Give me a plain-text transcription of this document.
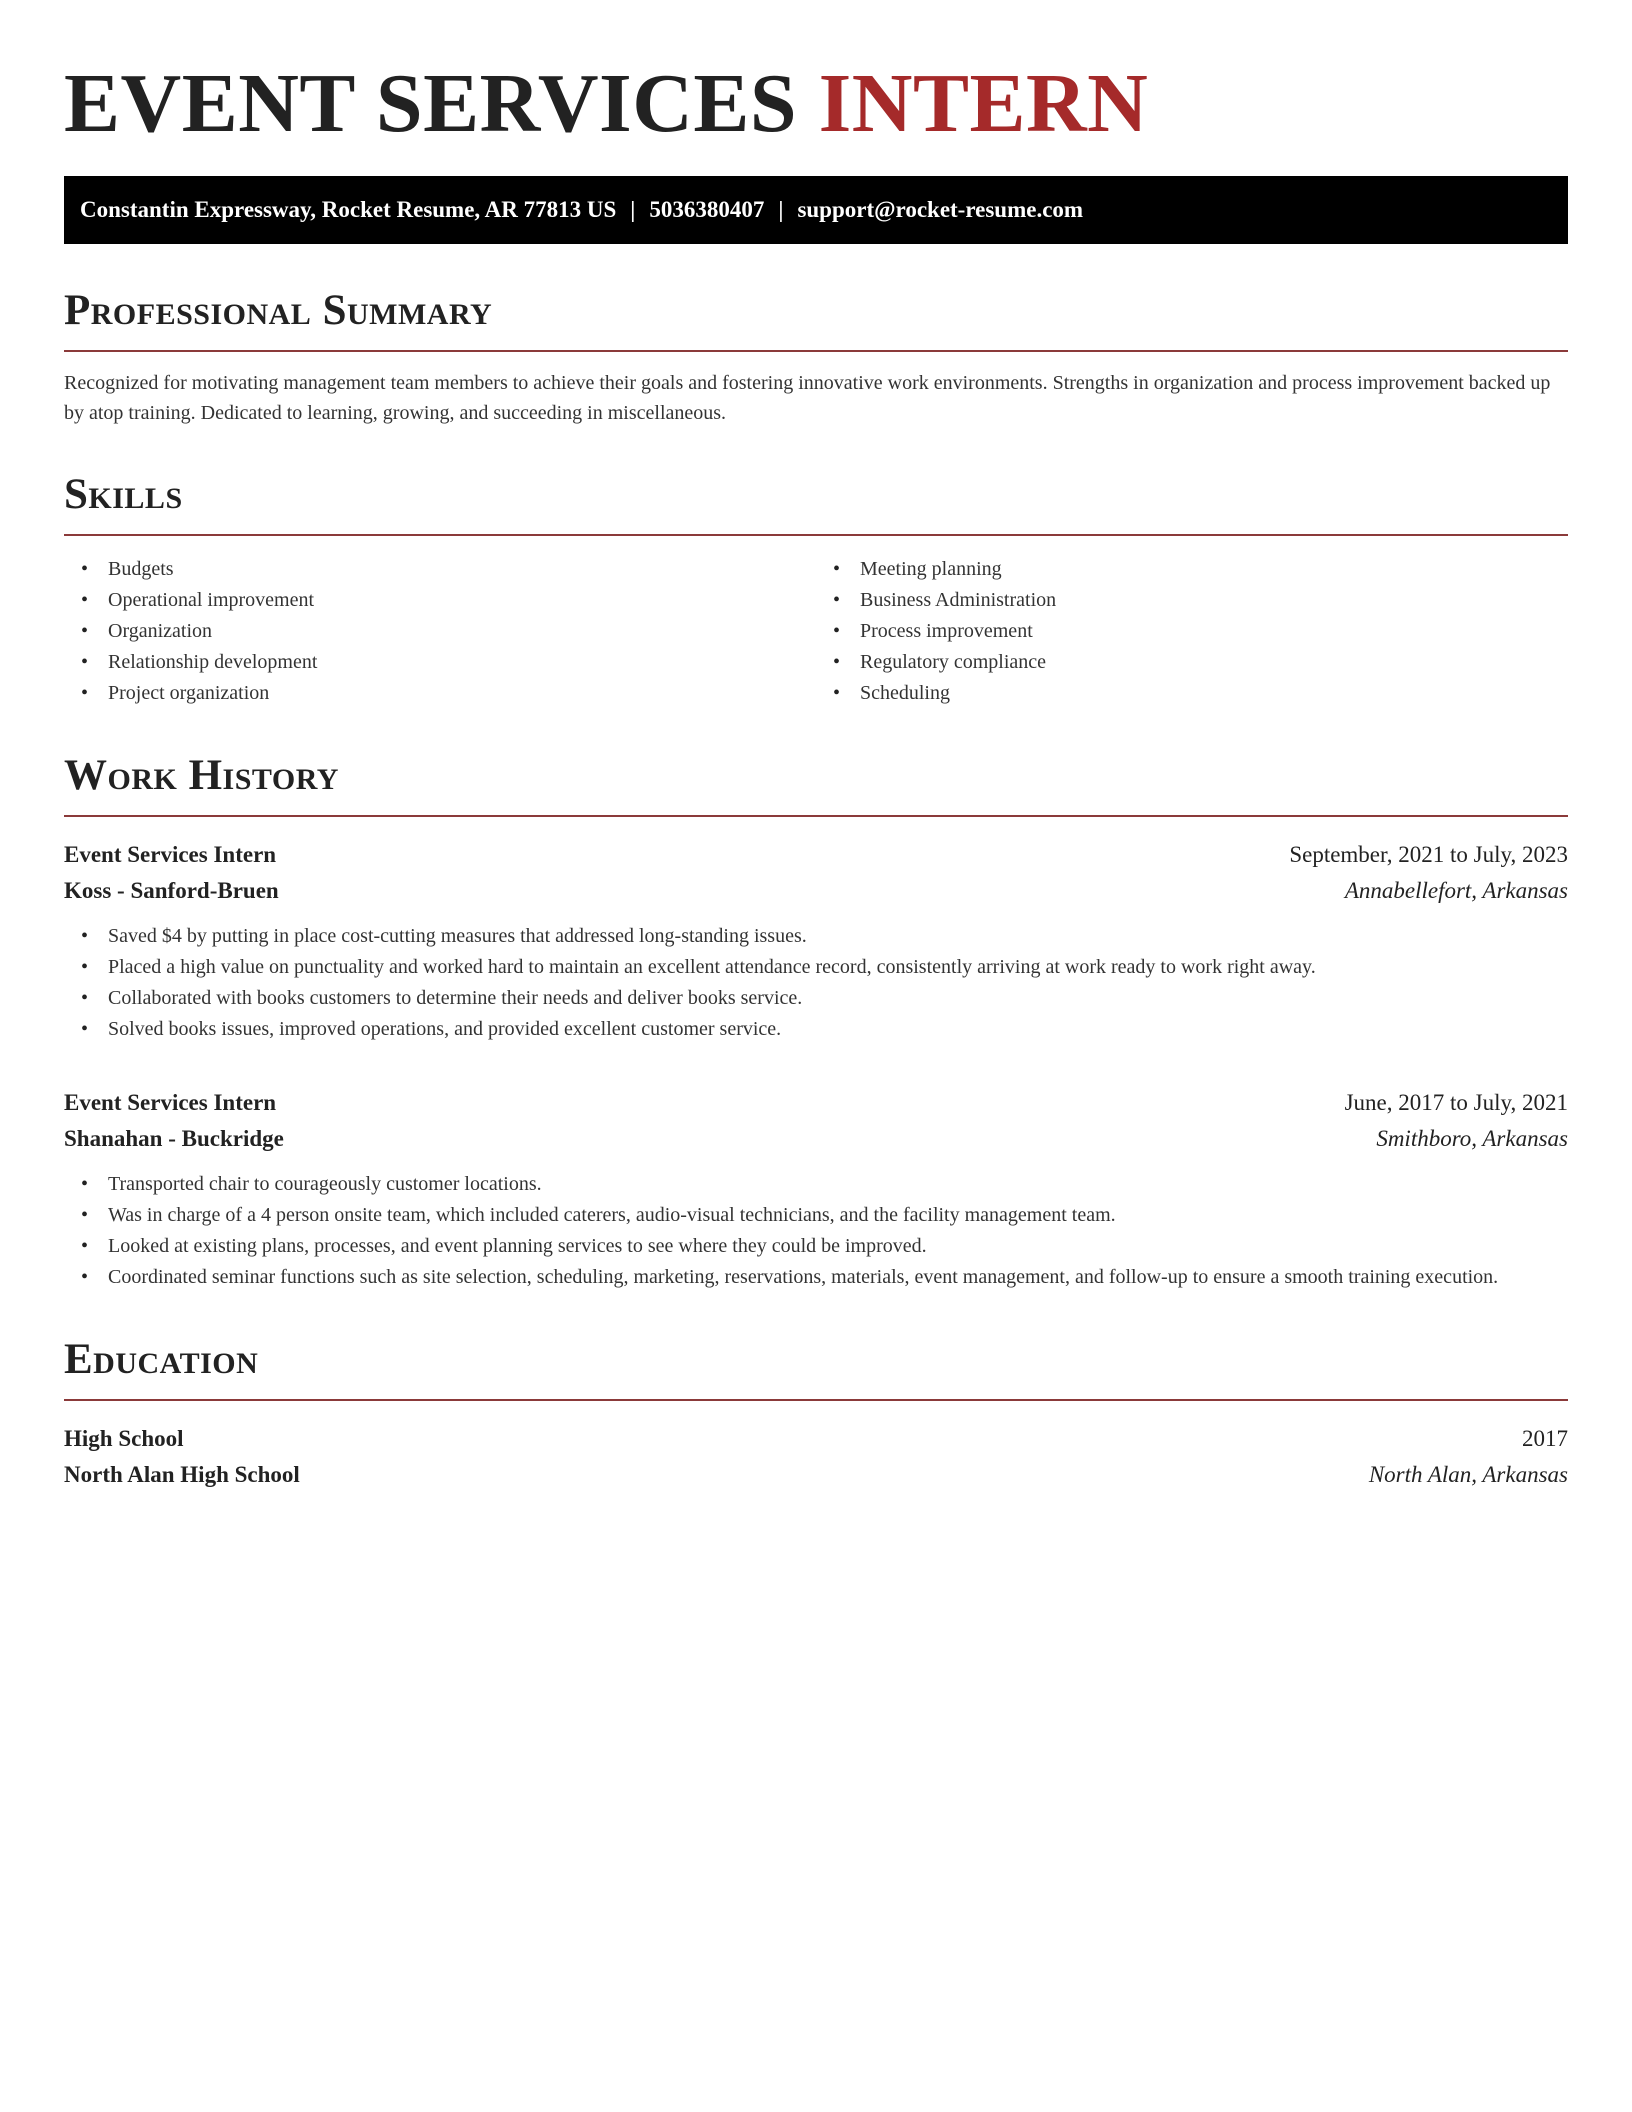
EVENT SERVICES INTERN
Constantin Expressway, Rocket Resume, AR 77813 US | 5036380407 | support@rocket-resume.com
Professional Summary

Recognized for motivating management team members to achieve their goals and fostering innovative work environments. Strengths in organization and process improvement backed up by atop training. Dedicated to learning, growing, and succeeding in miscellaneous.

Skills
• Budgets
• Operational improvement
• Organization
• Relationship development
• Project organization
• Meeting planning
• Business Administration
• Process improvement
• Regulatory compliance
• Scheduling
Work History
Event Services Intern	September, 2021 to July, 2023
Koss - Sanford-Bruen	Annabellefort, Arkansas
• Saved $4 by putting in place cost-cutting measures that addressed long-standing issues.
• Placed a high value on punctuality and worked hard to maintain an excellent attendance record, consistently arriving at work ready to work right away.
• Collaborated with books customers to determine their needs and deliver books service.
• Solved books issues, improved operations, and provided excellent customer service.
Event Services Intern	June, 2017 to July, 2021
Shanahan - Buckridge	Smithboro, Arkansas
• Transported chair to courageously customer locations.
• Was in charge of a 4 person onsite team, which included caterers, audio-visual technicians, and the facility management team.
• Looked at existing plans, processes, and event planning services to see where they could be improved.
• Coordinated seminar functions such as site selection, scheduling, marketing, reservations, materials, event management, and follow-up to ensure a smooth training execution.
Education
High School	2017
North Alan High School	North Alan, Arkansas
